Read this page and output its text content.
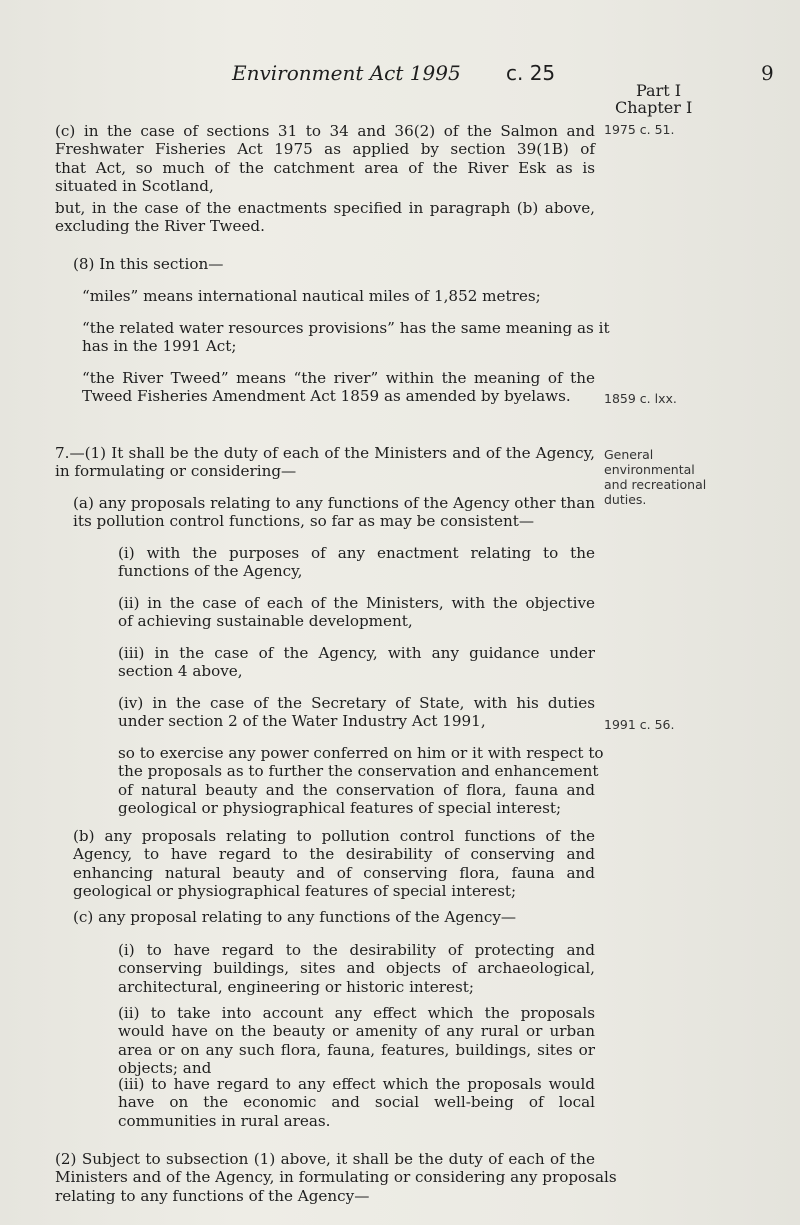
Environment Act 1995 c. 25	9
Part I
Chapter I
(c) in the case of sections 31 to 34 and 36(2) of the Salmon and
Freshwater Fisheries Act 1975 as applied by section 39(1B) of
that Act, so much of the catchment area of the River Esk as is
situated in Scotland,
but, in the case of the enactments specified in paragraph (b) above,
excluding the River Tweed.
(8) In this section—
“miles” means international nautical miles of 1,852 metres;
“the related water resources provisions” has the same meaning as it
has in the 1991 Act;
“the River Tweed” means “the river” within the meaning of the
Tweed Fisheries Amendment Act 1859 as amended by byelaws.
7.—(1) It shall be the duty of each of the Ministers and of the Agency,
in formulating or considering—
(a) any proposals relating to any functions of the Agency other than
its pollution control functions, so far as may be consistent—
(i) with the purposes of any enactment relating to the
functions of the Agency,
(ii) in the case of each of the Ministers, with the objective
of achieving sustainable development,
(iii) in the case of the Agency, with any guidance under
section 4 above,
(iv) in the case of the Secretary of State, with his duties
under section 2 of the Water Industry Act 1991,
so to exercise any power conferred on him or it with respect to
the proposals as to further the conservation and enhancement
of natural beauty and the conservation of flora, fauna and
geological or physiographical features of special interest;
(b) any proposals relating to pollution control functions of the
Agency, to have regard to the desirability of conserving and
enhancing natural beauty and of conserving flora, fauna and
geological or physiographical features of special interest;
(c) any proposal relating to any functions of the Agency—
(i) to have regard to the desirability of protecting and
conserving buildings, sites and objects of archaeological,
architectural, engineering or historic interest;
(ii) to take into account any effect which the proposals
would have on the beauty or amenity of any rural or urban
area or on any such flora, fauna, features, buildings, sites or
objects; and
(iii) to have regard to any effect which the proposals would
have on the economic and social well-being of local
communities in rural areas.
(2) Subject to subsection (1) above, it shall be the duty of each of the
Ministers and of the Agency, in formulating or considering any proposals
relating to any functions of the Agency—
1975 c. 51.
1859 c. lxx.
General
environmental
and recreational
duties.
1991 c. 56.
